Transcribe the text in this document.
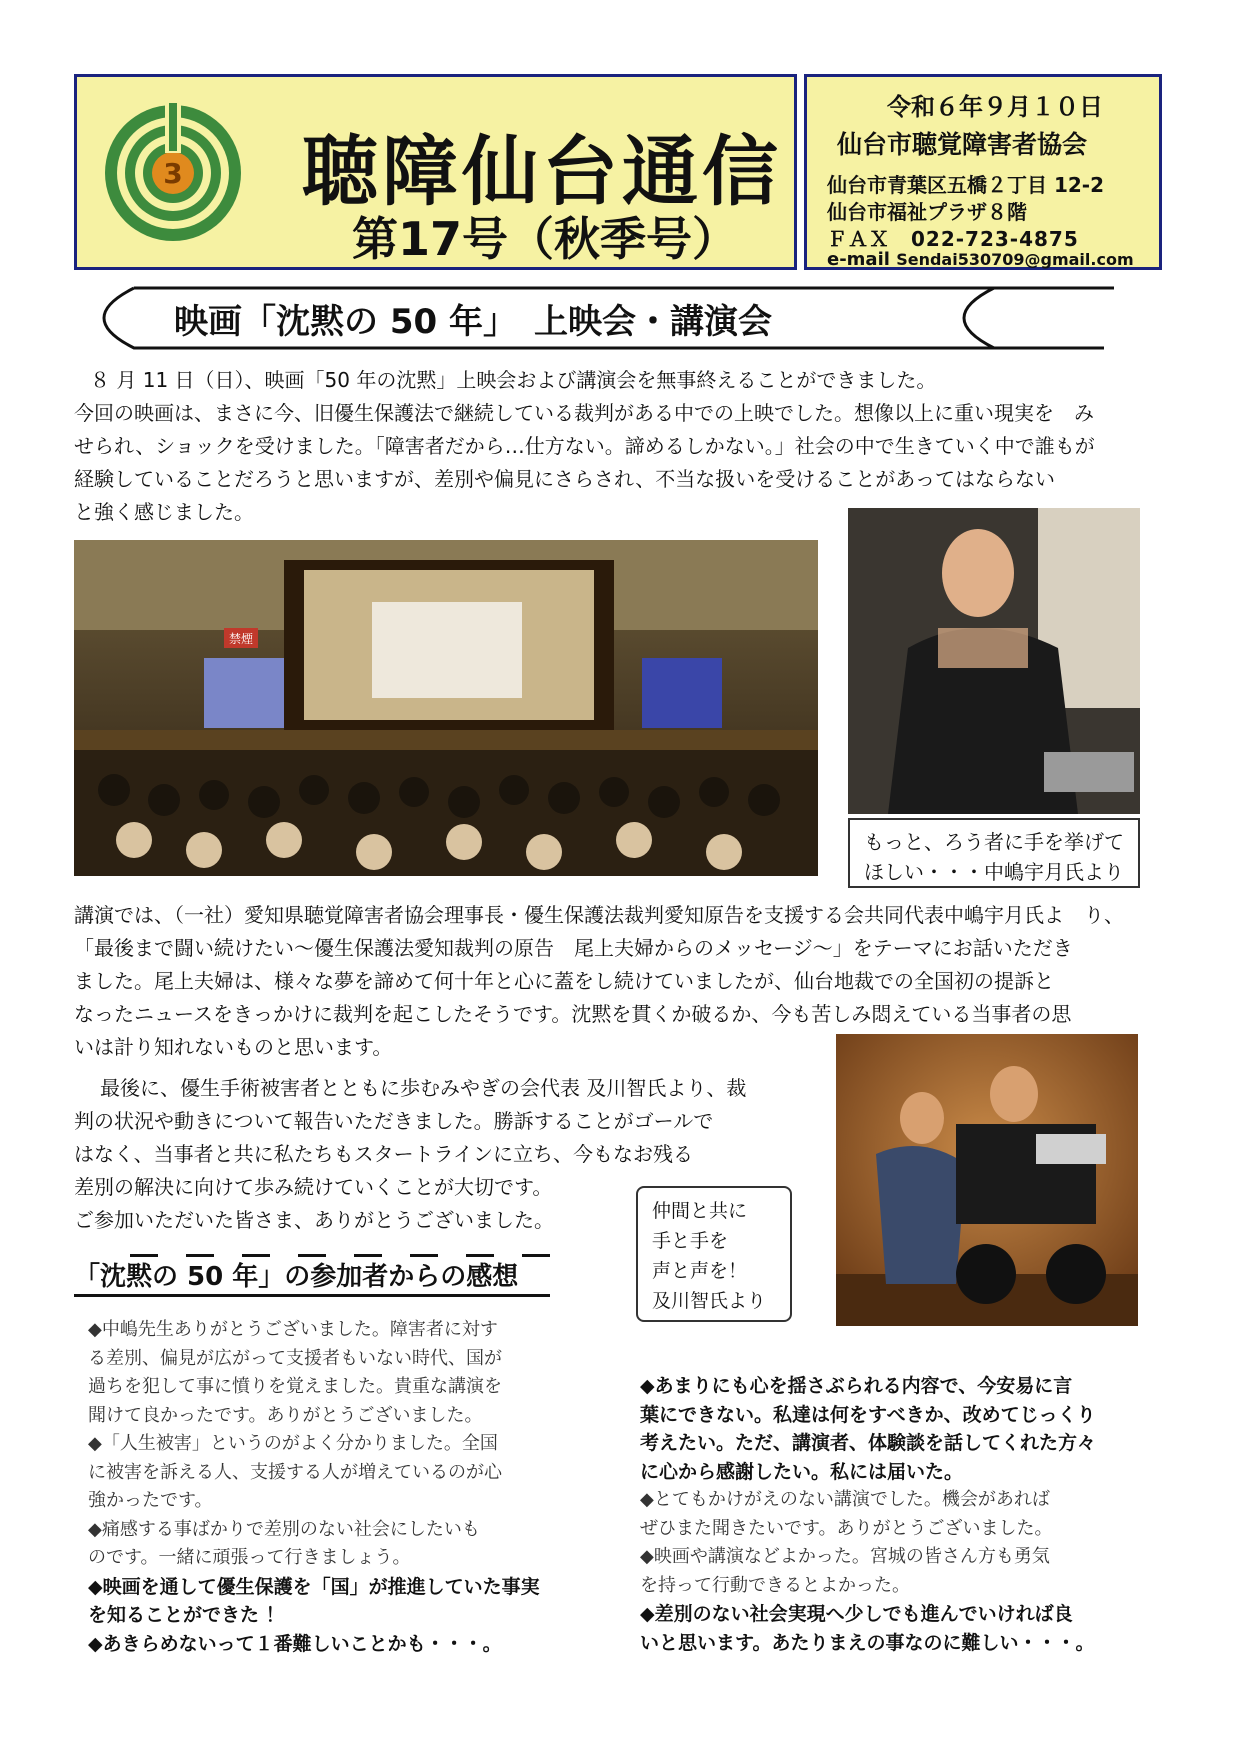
3 聴障仙台通信
第17号（秋季号）
令和６年９月１０日
仙台市聴覚障害者協会
仙台市青葉区五橋２丁目 12-2
仙台市福祉プラザ８階
ＦＡＸ　022-723-4875
e-mail Sendai530709@gmail.com
映画「沈黙の 50 年」　上映会・講演会
８ 月 11 日（日）、映画「50 年の沈黙」上映会および講演会を無事終えることができました。
今回の映画は、まさに今、旧優生保護法で継続している裁判がある中での上映でした。想像以上に重い現実を　み
せられ、ショックを受けました。「障害者だから…仕方ない。諦めるしかない。」社会の中で生きていく中で誰もが
経験していることだろうと思いますが、差別や偏見にさらされ、不当な扱いを受けることがあってはならない
と強く感じました。
禁煙
もっと、ろう者に手を挙げて
ほしい・・・中嶋宇月氏より
講演では、（一社）愛知県聴覚障害者協会理事長・優生保護法裁判愛知原告を支援する会共同代表中嶋宇月氏よ　り、
「最後まで闘い続けたい～優生保護法愛知裁判の原告　尾上夫婦からのメッセージ～」をテーマにお話いただき
ました。尾上夫婦は、様々な夢を諦めて何十年と心に蓋をし続けていましたが、仙台地裁での全国初の提訴と
なったニュースをきっかけに裁判を起こしたそうです。沈黙を貫くか破るか、今も苦しみ悶えている当事者の思
いは計り知れないものと思います。
最後に、優生手術被害者とともに歩むみやぎの会代表 及川智氏より、裁
判の状況や動きについて報告いただきました。勝訴することがゴールで
はなく、当事者と共に私たちもスタートラインに立ち、今もなお残る
差別の解決に向けて歩み続けていくことが大切です。
ご参加いただいた皆さま、ありがとうございました。	仲間と共に
手と手を
声と声を！
及川智氏より
「沈黙の 50 年」の参加者からの感想
◆中嶋先生ありがとうございました。障害者に対す
る差別、偏見が広がって支援者もいない時代、国が
過ちを犯して事に憤りを覚えました。貴重な講演を
聞けて良かったです。ありがとうございました。
◆「人生被害」というのがよく分かりました。全国
に被害を訴える人、支援する人が増えているのが心
強かったです。
◆痛感する事ばかりで差別のない社会にしたいも
のです。一緒に頑張って行きましょう。
◆映画を通して優生保護を「国」が推進していた事実
を知ることができた ！
◆あきらめないって１番難しいことかも・・・。
◆あまりにも心を揺さぶられる内容で、今安易に言
葉にできない。私達は何をすべきか、改めてじっくり
考えたい。ただ、講演者、体験談を話してくれた方々
に心から感謝したい。私には届いた。
◆とてもかけがえのない講演でした。機会があれば
ぜひまた聞きたいです。ありがとうございました。
◆映画や講演などよかった。宮城の皆さん方も勇気
を持って行動できるとよかった。
◆差別のない社会実現へ少しでも進んでいければ良
いと思います。あたりまえの事なのに難しい・・・。
